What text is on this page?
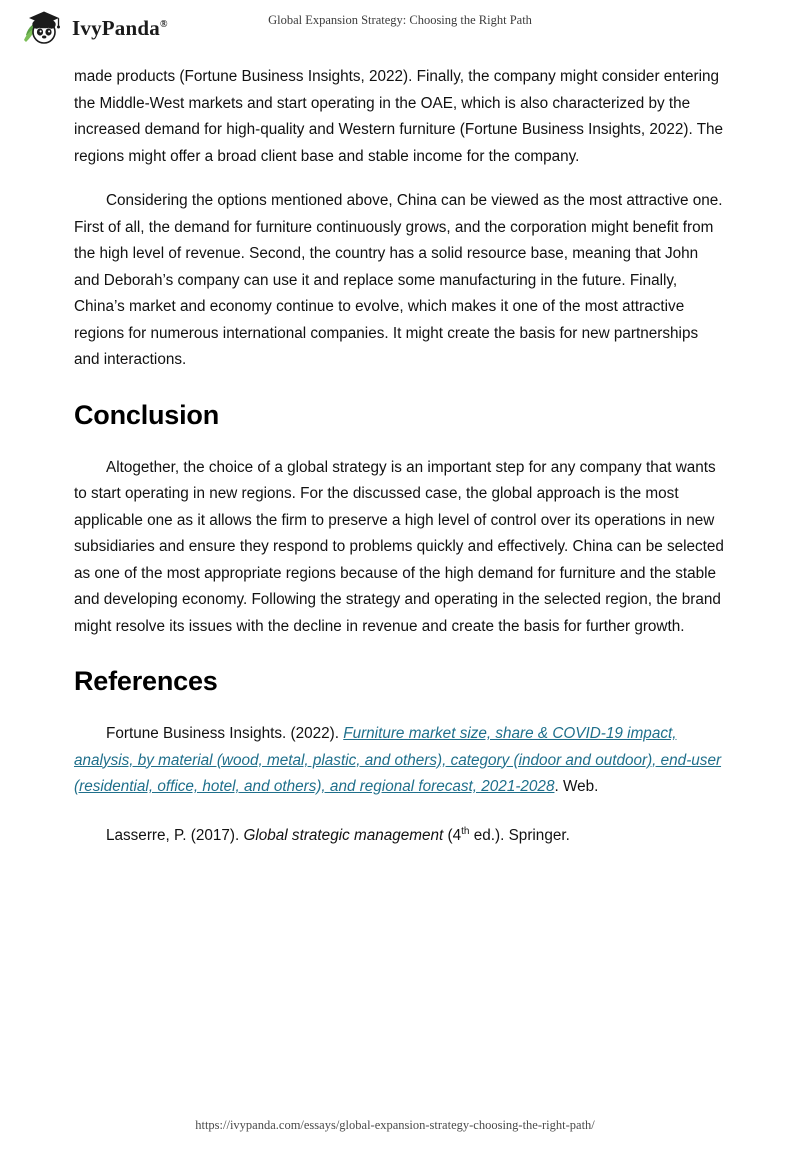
IvyPanda®	Global Expansion Strategy: Choosing the Right Path

made products (Fortune Business Insights, 2022). Finally, the company might consider entering the Middle-West markets and start operating in the OAE, which is also characterized by the increased demand for high-quality and Western furniture (Fortune Business Insights, 2022). The regions might offer a broad client base and stable income for the company.

Considering the options mentioned above, China can be viewed as the most attractive one. First of all, the demand for furniture continuously grows, and the corporation might benefit from the high level of revenue. Second, the country has a solid resource base, meaning that John and Deborah’s company can use it and replace some manufacturing in the future. Finally, China’s market and economy continue to evolve, which makes it one of the most attractive regions for numerous international companies. It might create the basis for new partnerships and interactions.

Conclusion

Altogether, the choice of a global strategy is an important step for any company that wants to start operating in new regions. For the discussed case, the global approach is the most applicable one as it allows the firm to preserve a high level of control over its operations in new subsidiaries and ensure they respond to problems quickly and effectively. China can be selected as one of the most appropriate regions because of the high demand for furniture and the stable and developing economy. Following the strategy and operating in the selected region, the brand might resolve its issues with the decline in revenue and create the basis for further growth.

References
Fortune Business Insights. (2022). Furniture market size, share & COVID-19 impact, analysis, by material (wood, metal, plastic, and others), category (indoor and outdoor), end-user (residential, office, hotel, and others), and regional forecast, 2021-2028. Web.
Lasserre, P. (2017). Global strategic management (4th ed.). Springer.
https://ivypanda.com/essays/global-expansion-strategy-choosing-the-right-path/
